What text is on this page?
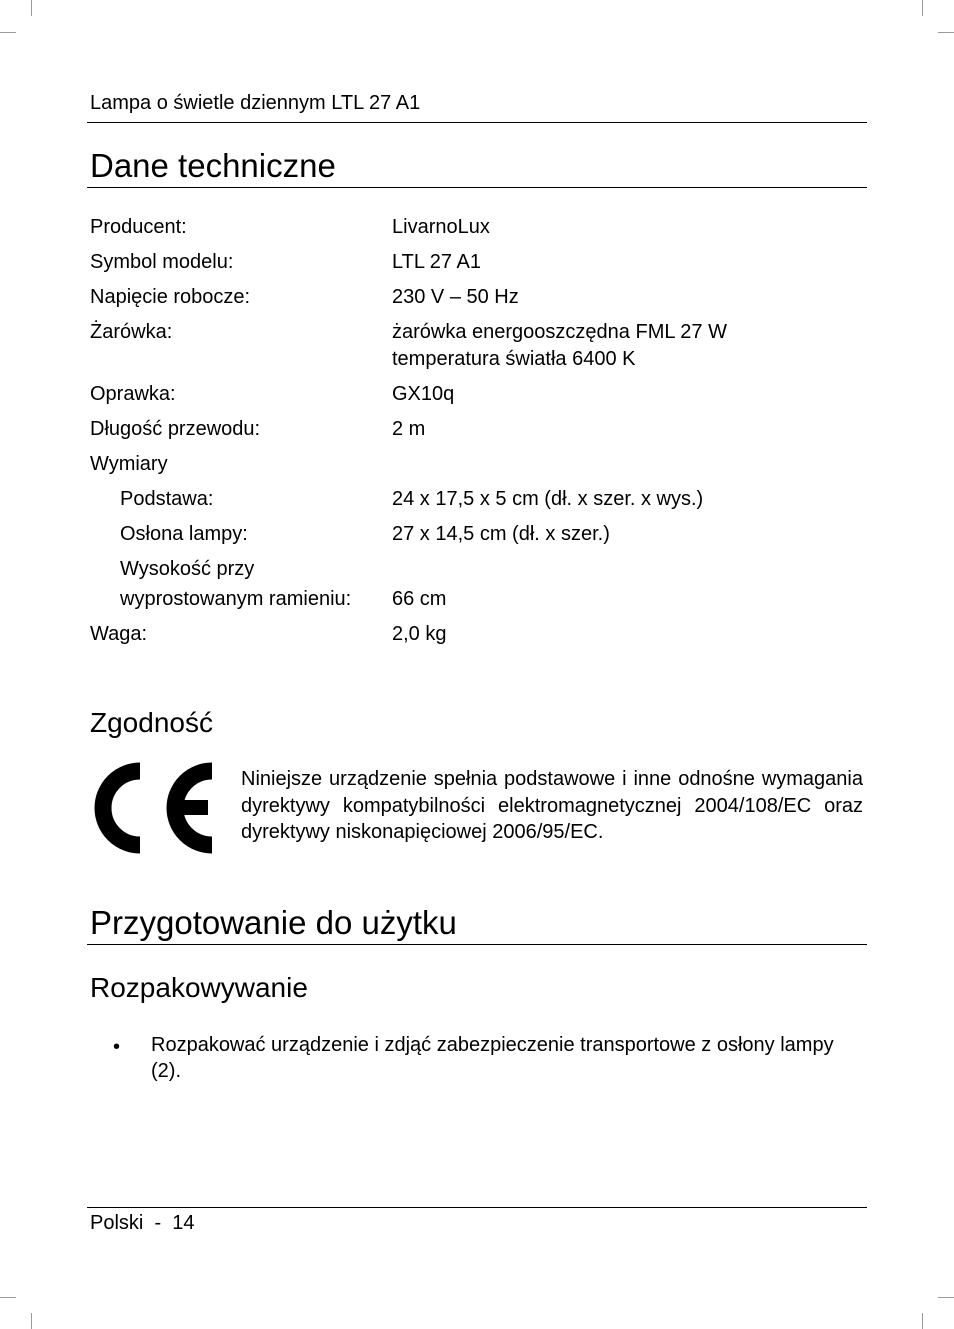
Lampa o świetle dziennym LTL 27 A1
Dane techniczne
Producent:	LivarnoLux
Symbol modelu:	LTL 27 A1
Napięcie robocze:	230 V – 50 Hz
Żarówka:	żarówka energooszczędna FML 27 W
temperatura światła 6400 K
Oprawka:	GX10q
Długość przewodu:	2 m
Wymiary
Podstawa:	24 x 17,5 x 5 cm (dł. x szer. x wys.)
Osłona lampy:	27 x 14,5 cm (dł. x szer.)
Wysokość przy
wyprostowanym ramieniu: 66 cm
Waga:	2,0 kg
Zgodność
Niniejsze urządzenie spełnia podstawowe i inne odnośne wymagania dyrektywy kompatybilności elektromagnetycznej 2004/108/EC oraz dyrektywy niskonapięciowej 2006/95/EC.
Przygotowanie do użytku
Rozpakowywanie
• Rozpakować urządzenie i zdjąć zabezpieczenie transportowe z osłony lampy (2).
Polski  -  14
